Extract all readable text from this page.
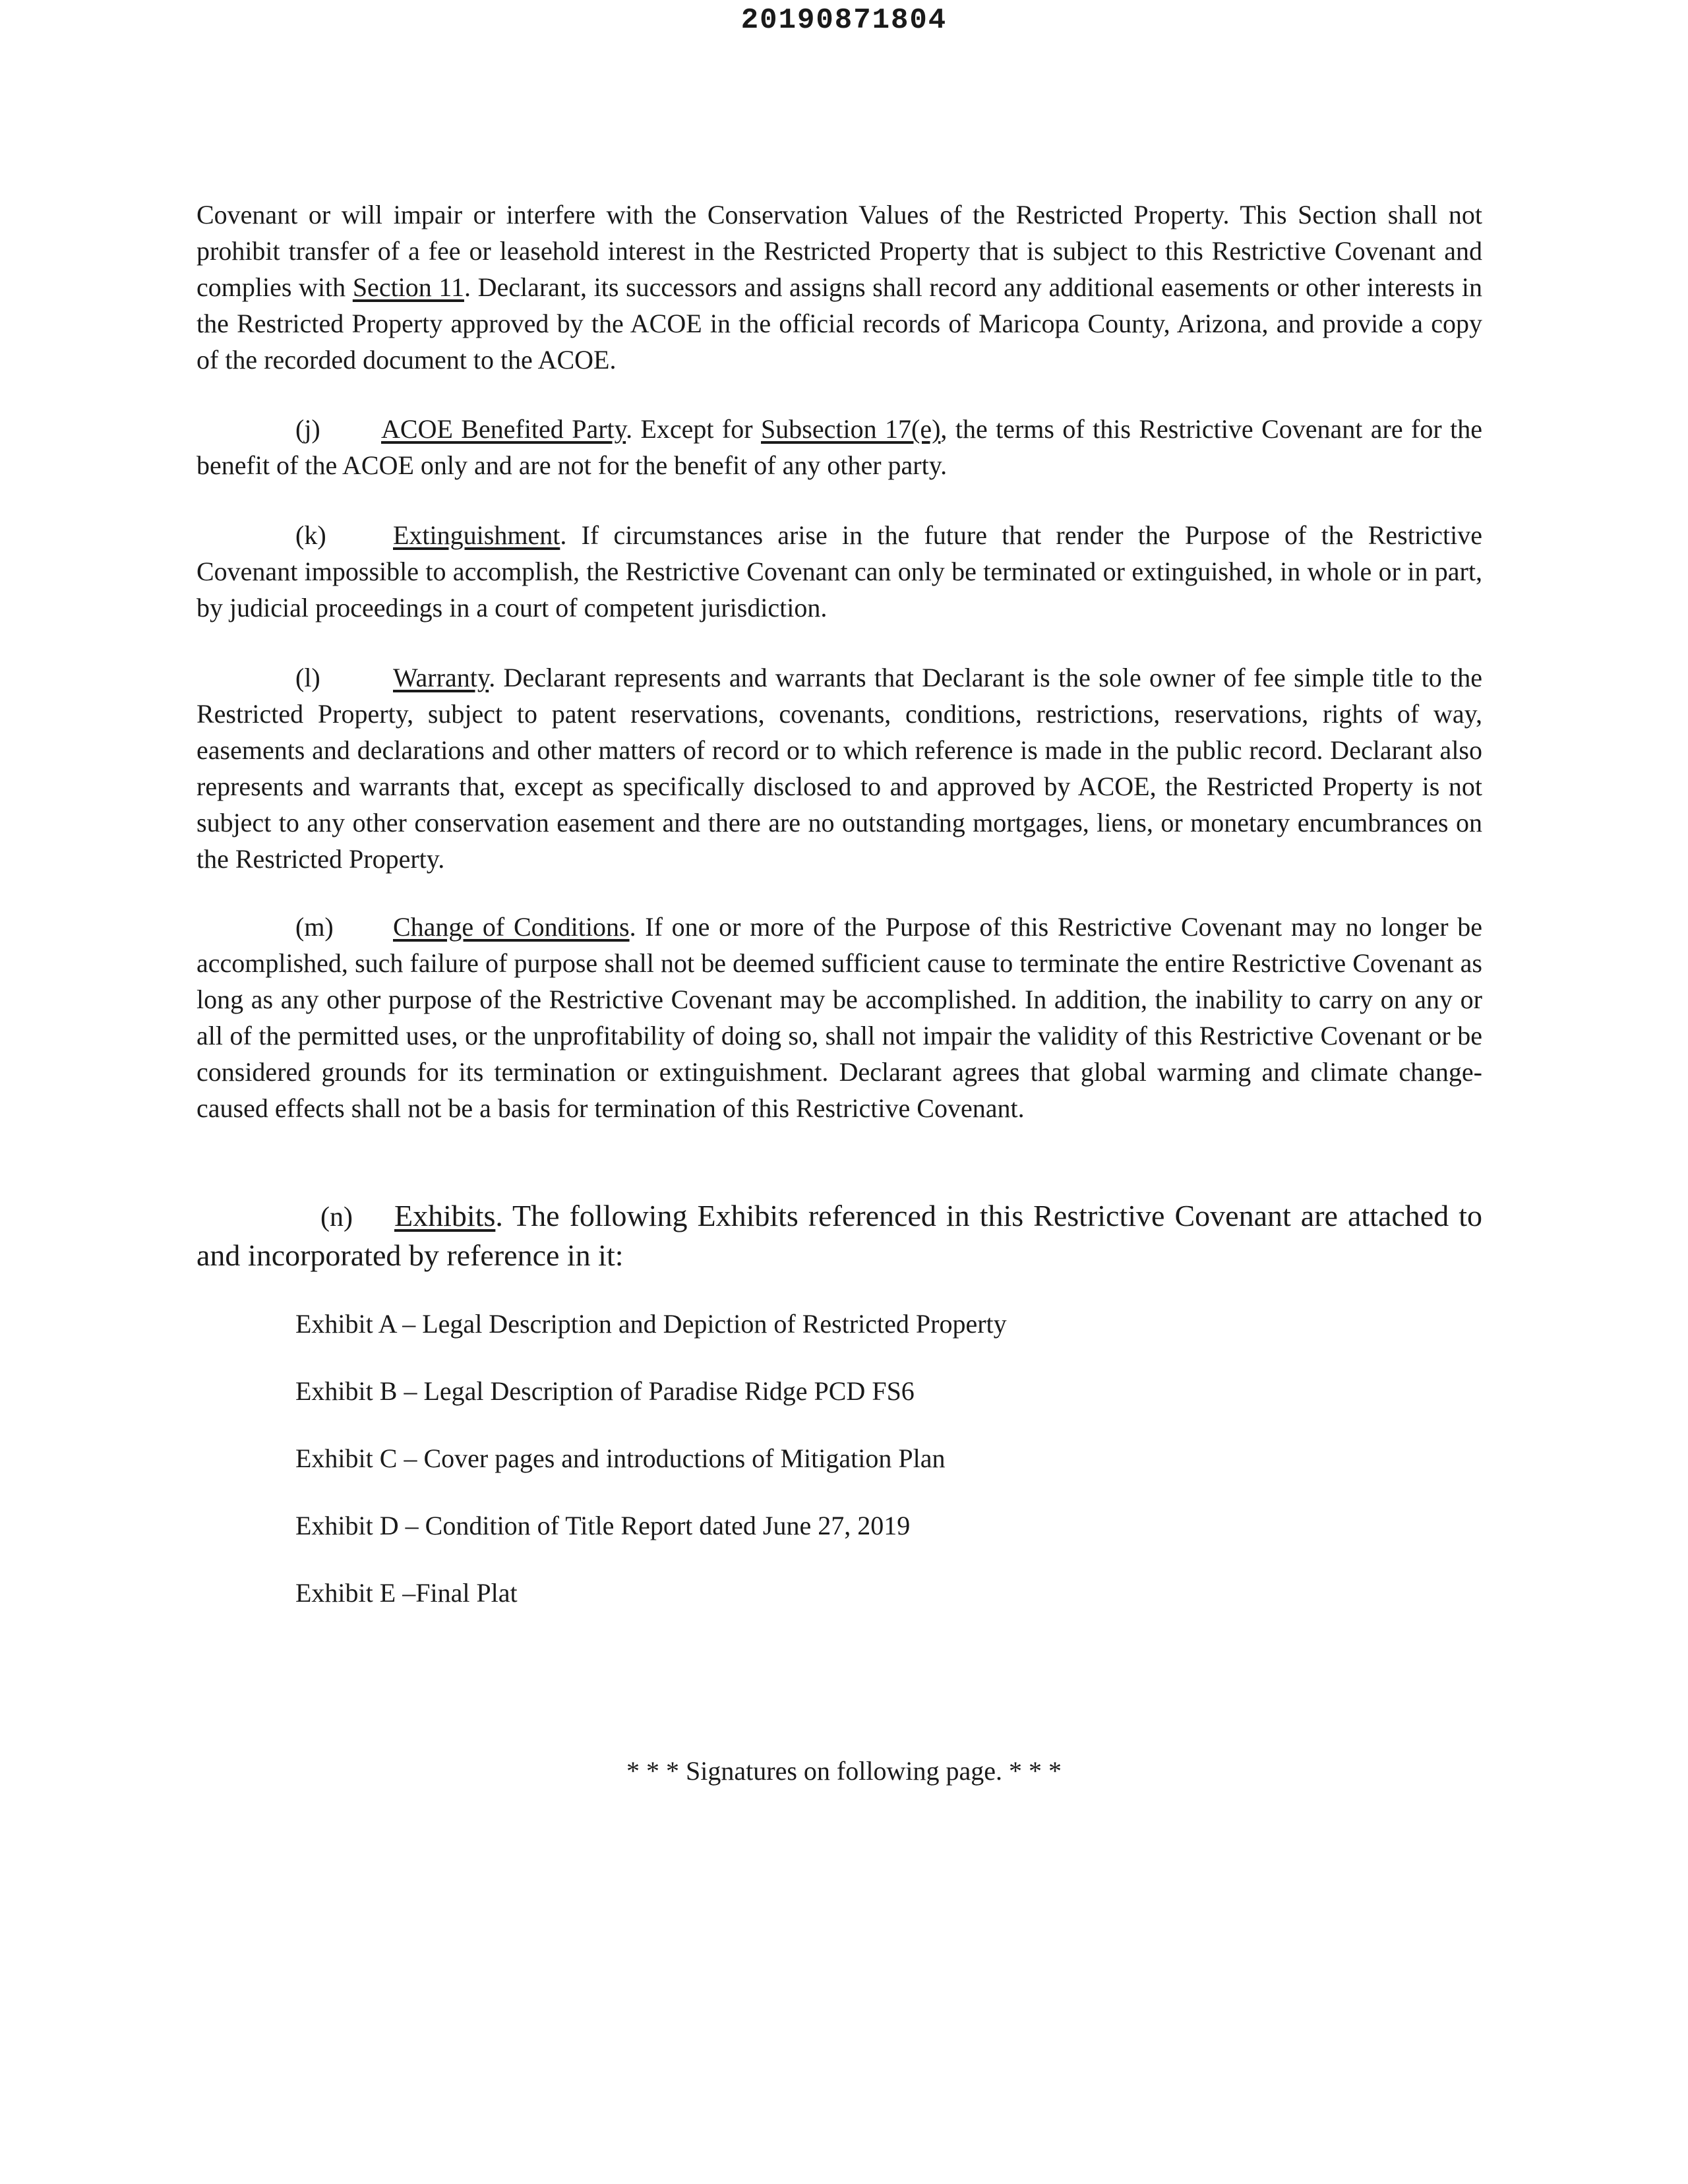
20190871804

Covenant or will impair or interfere with the Conservation Values of the Restricted Property. This Section shall not prohibit transfer of a fee or leasehold interest in the Restricted Property that is subject to this Restrictive Covenant and complies with Section 11. Declarant, its successors and assigns shall record any additional easements or other interests in the Restricted Property approved by the ACOE in the official records of Maricopa County, Arizona, and provide a copy of the recorded document to the ACOE.

(j) ACOE Benefited Party. Except for Subsection 17(e), the terms of this Restrictive Covenant are for the benefit of the ACOE only and are not for the benefit of any other party.

(k)	Extinguishment. If circumstances arise in the future that render the Purpose of the Restrictive Covenant impossible to accomplish, the Restrictive Covenant can only be terminated or extinguished, in whole or in part, by judicial proceedings in a court of competent jurisdiction.

(l)	Warranty. Declarant represents and warrants that Declarant is the sole owner of fee simple title to the Restricted Property, subject to patent reservations, covenants, conditions, restrictions, reservations, rights of way, easements and declarations and other matters of record or to which reference is made in the public record. Declarant also represents and warrants that, except as specifically disclosed to and approved by ACOE, the Restricted Property is not subject to any other conservation easement and there are no outstanding mortgages, liens, or monetary encumbrances on the Restricted Property.

(m) Change of Conditions. If one or more of the Purpose of this Restrictive Covenant may no longer be accomplished, such failure of purpose shall not be deemed sufficient cause to terminate the entire Restrictive Covenant as long as any other purpose of the Restrictive Covenant may be accomplished. In addition, the inability to carry on any or all of the permitted uses, or the unprofitability of doing so, shall not impair the validity of this Restrictive Covenant or be considered grounds for its termination or extinguishment. Declarant agrees that global warming and climate change-caused effects shall not be a basis for termination of this Restrictive Covenant.

(n) Exhibits. The following Exhibits referenced in this Restrictive Covenant are attached to and incorporated by reference in it:

Exhibit A – Legal Description and Depiction of Restricted Property
Exhibit B – Legal Description of Paradise Ridge PCD FS6
Exhibit C – Cover pages and introductions of Mitigation Plan
Exhibit D – Condition of Title Report dated June 27, 2019
Exhibit E –Final Plat
* * * Signatures on following page. * * *
